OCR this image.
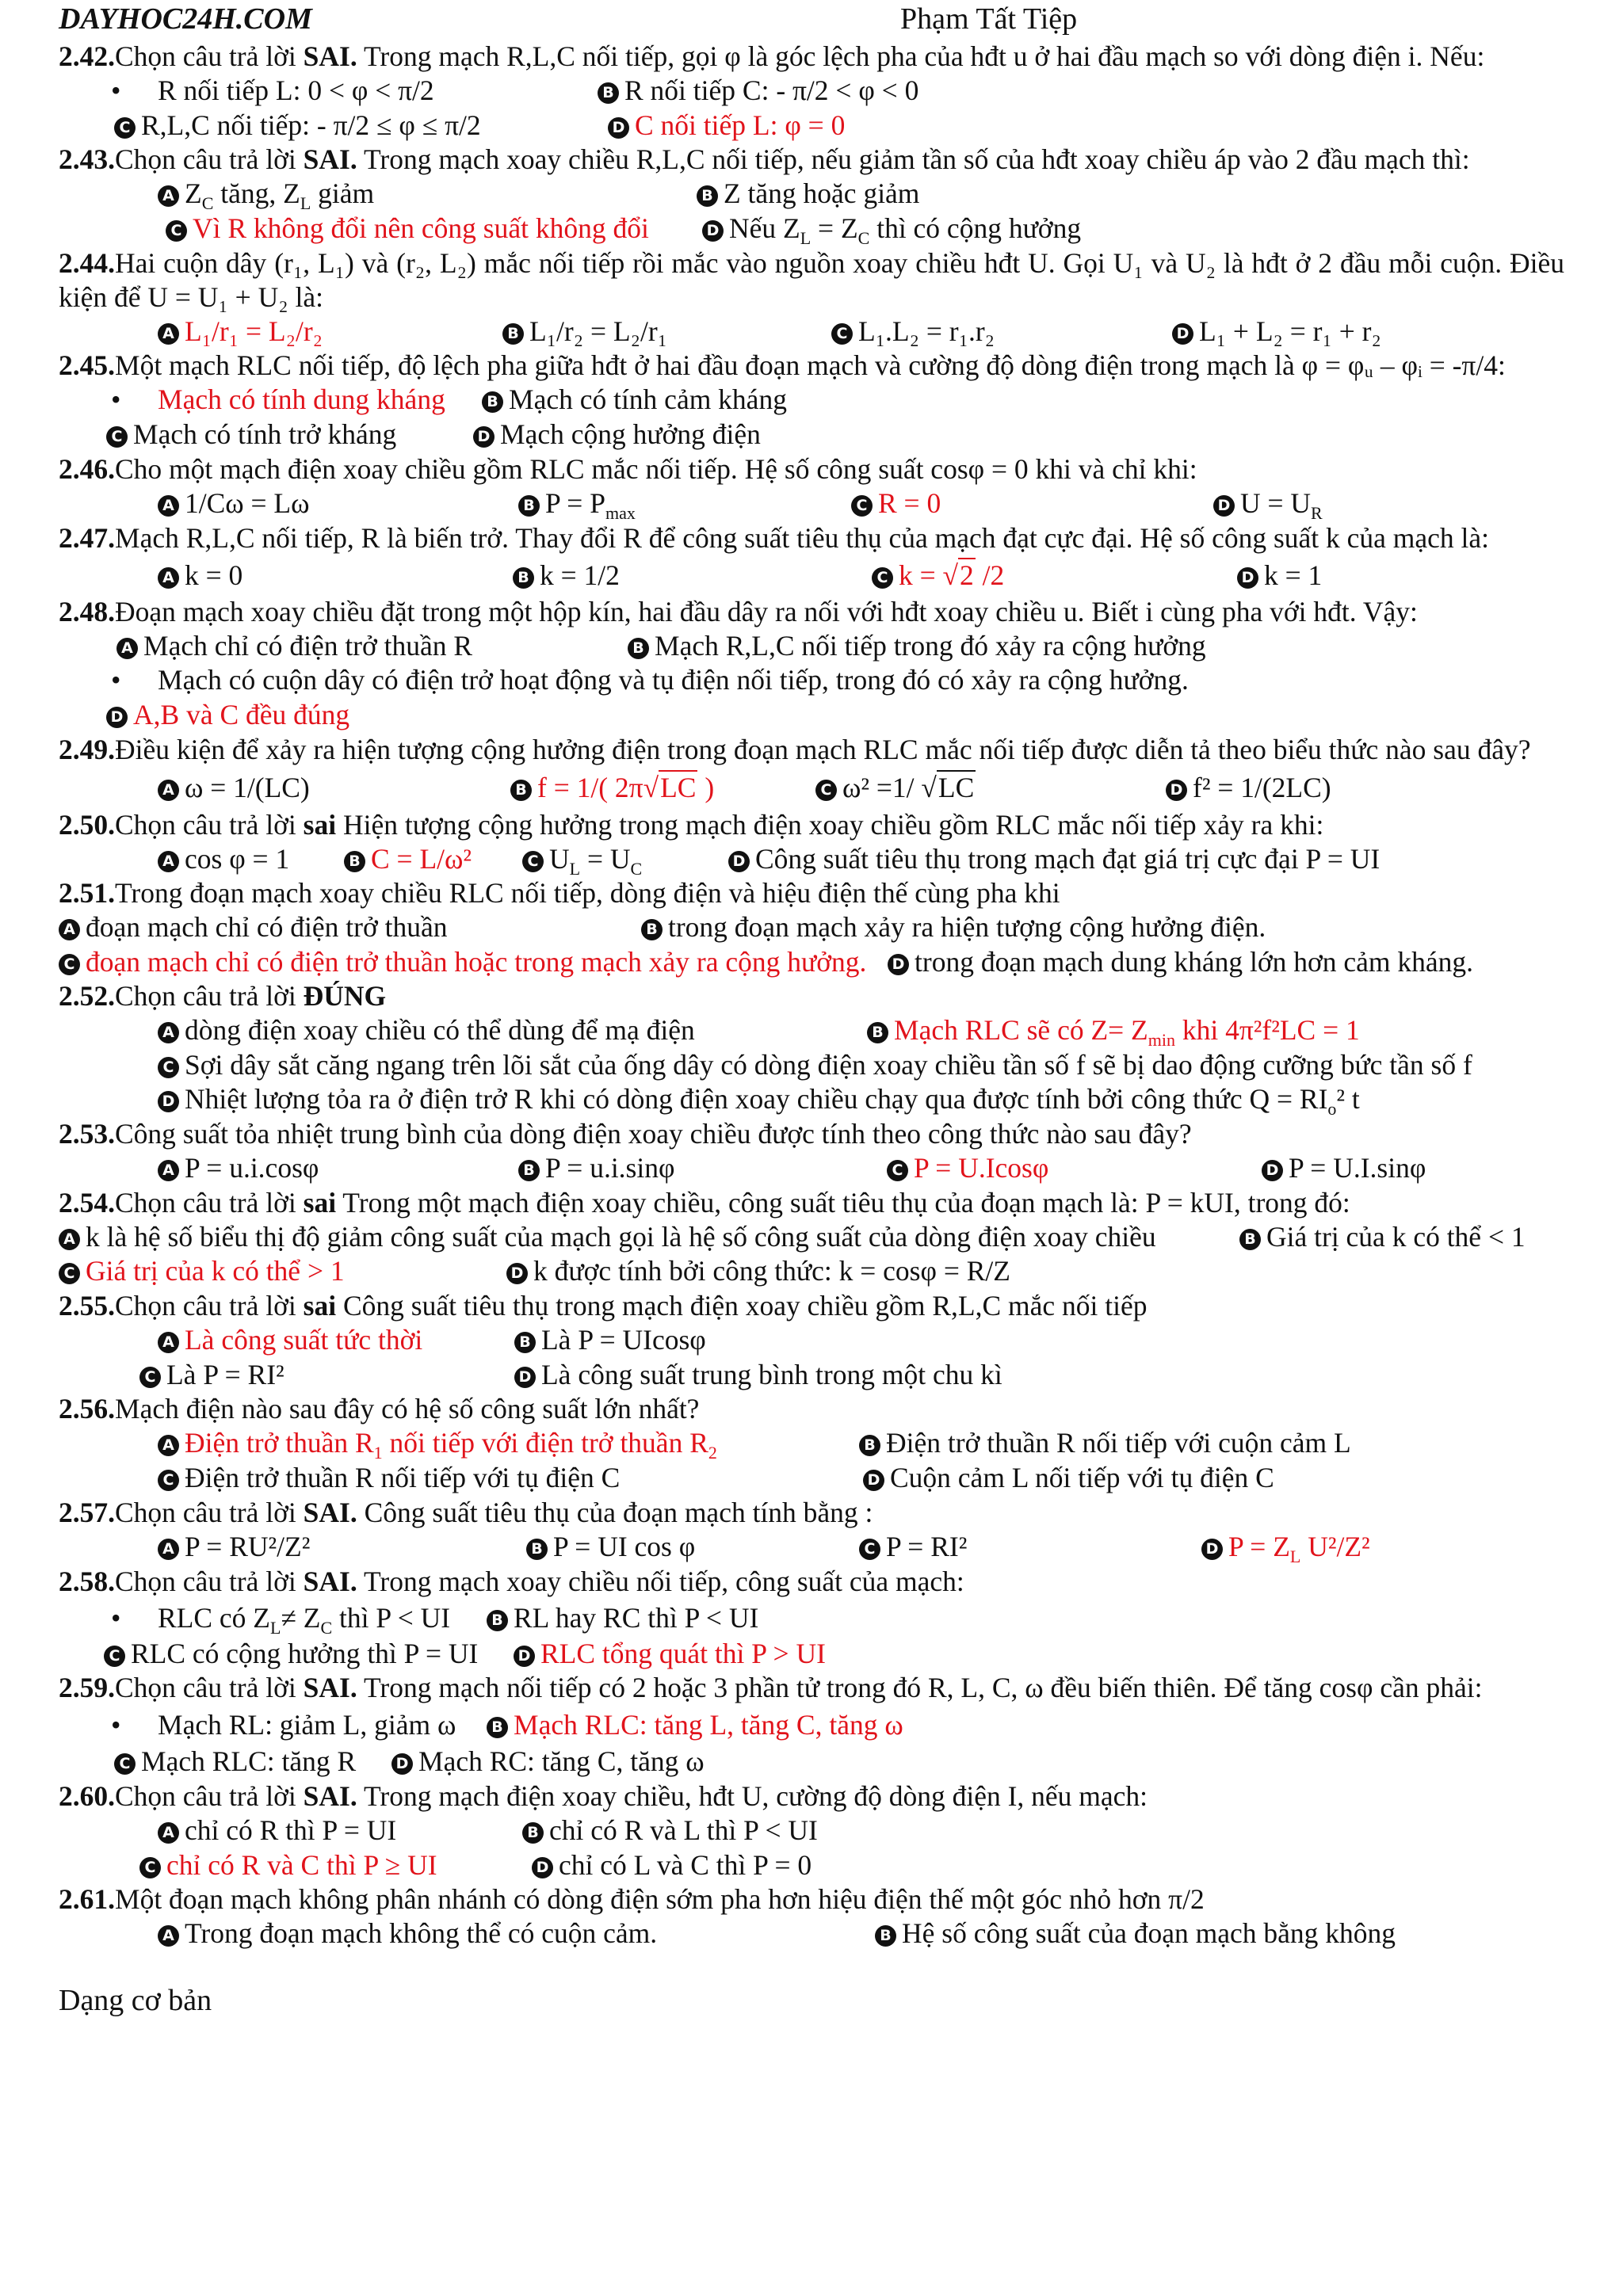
DAYHOC24H.COM	Phạm Tất Tiệp
2.42.Chọn câu trả lời SAI. Trong mạch R,L,C nối tiếp, gọi φ là góc lệch pha của hđt u ở hai đầu mạch so với dòng điện i. Nếu:
• R nối tiếp L: 0 < φ < π/2	B R nối tiếp C: - π/2 < φ < 0
C R,L,C nối tiếp: - π/2 ≤ φ ≤ π/2	D C nối tiếp L: φ = 0
2.43.Chọn câu trả lời SAI. Trong mạch xoay chiều R,L,C nối tiếp, nếu giảm tần số của hđt xoay chiều áp vào 2 đầu mạch thì:
A $Z_C$ tăng, $Z_L$ giảm	B Z tăng hoặc giảm
C Vì R không đổi nên công suất không đổi	D Nếu $Z_L = Z_C$ thì có cộng hưởng
2.44.Hai cuộn dây (r₁, L₁) và (r₂, L₂) mắc nối tiếp rồi mắc vào nguồn xoay chiều hđt U. Gọi U₁ và U₂ là hđt ở 2 đầu mỗi cuộn. Điều kiện để U = U₁ + U₂ là:
A L₁/r₁ = L₂/r₂	B L₁/r₂ = L₂/r₁	C L₁.L₂ = r₁.r₂	D L₁ + L₂ = r₁ + r₂
2.45.Một mạch RLC nối tiếp, độ lệch pha giữa hđt ở hai đầu đoạn mạch và cường độ dòng điện trong mạch là φ = φᵤ – φᵢ = -π/4:
• Mạch có tính dung kháng	B Mạch có tính cảm kháng
C Mạch có tính trở kháng	D Mạch cộng hưởng điện
2.46.Cho một mạch điện xoay chiều gồm RLC mắc nối tiếp. Hệ số công suất cosφ = 0 khi và chỉ khi:
A 1/Cω = Lω	B $P = P_{max}$	C R = 0	D $U = U_R$
2.47.Mạch R,L,C nối tiếp, R là biến trở. Thay đổi R để công suất tiêu thụ của mạch đạt cực đại. Hệ số công suất k của mạch là:
A k = 0	B k = 1/2	C k = √2 /2	D k = 1
2.48.Đoạn mạch xoay chiều đặt trong một hộp kín, hai đầu dây ra nối với hđt xoay chiều u. Biết i cùng pha với hđt. Vậy:
A Mạch chỉ có điện trở thuần R	B Mạch R,L,C nối tiếp trong đó xảy ra cộng hưởng
• Mạch có cuộn dây có điện trở hoạt động và tụ điện nối tiếp, trong đó có xảy ra cộng hưởng.
D A,B và C đều đúng
2.49.Điều kiện để xảy ra hiện tượng cộng hưởng điện trong đoạn mạch RLC mắc nối tiếp được diễn tả theo biểu thức nào sau đây?
A ω = 1/(LC)	B f = 1/( 2π√LC )	C ω² =1/ √LC	D f² = 1/(2LC)
2.50.Chọn câu trả lời sai Hiện tượng cộng hưởng trong mạch điện xoay chiều gồm RLC mắc nối tiếp xảy ra khi:
A cos φ = 1	B C = L/ω²	C $U_L = U_C$	D Công suất tiêu thụ trong mạch đạt giá trị cực đại P = UI
2.51.Trong đoạn mạch xoay chiều RLC nối tiếp, dòng điện và hiệu điện thế cùng pha khi
A đoạn mạch chỉ có điện trở thuần	B trong đoạn mạch xảy ra hiện tượng cộng hưởng điện.
C đoạn mạch chỉ có điện trở thuần hoặc trong mạch xảy ra cộng hưởng. D trong đoạn mạch dung kháng lớn hơn cảm kháng.
2.52.Chọn câu trả lời ĐÚNG
A dòng điện xoay chiều có thể dùng để mạ điện	B Mạch RLC sẽ có $Z= Z_{min}$ khi 4π²f²LC = 1
C Sợi dây sắt căng ngang trên lõi sắt của ống dây có dòng điện xoay chiều tần số f sẽ bị dao động cưỡng bức tần số f
D Nhiệt lượng tỏa ra ở điện trở R khi có dòng điện xoay chiều chạy qua được tính bởi công thức $Q = RI_o^2$ t
2.53.Công suất tỏa nhiệt trung bình của dòng điện xoay chiều được tính theo công thức nào sau đây?
A P = u.i.cosφ	B P = u.i.sinφ	C P = U.Icosφ	D P = U.I.sinφ
2.54.Chọn câu trả lời sai Trong một mạch điện xoay chiều, công suất tiêu thụ của đoạn mạch là: P = kUI, trong đó:
A k là hệ số biểu thị độ giảm công suất của mạch gọi là hệ số công suất của dòng điện xoay chiều	B Giá trị của k có thể < 1
C Giá trị của k có thể > 1	D k được tính bởi công thức: k = cosφ = R/Z
2.55.Chọn câu trả lời sai Công suất tiêu thụ trong mạch điện xoay chiều gồm R,L,C mắc nối tiếp
A Là công suất tức thời	B Là P = UIcosφ
C Là P = RI²	D Là công suất trung bình trong một chu kì
2.56.Mạch điện nào sau đây có hệ số công suất lớn nhất?
A Điện trở thuần $R_1$ nối tiếp với điện trở thuần $R_2$	B Điện trở thuần R nối tiếp với cuộn cảm L
C Điện trở thuần R nối tiếp với tụ điện C	D Cuộn cảm L nối tiếp với tụ điện C
2.57.Chọn câu trả lời SAI. Công suất tiêu thụ của đoạn mạch tính bằng :
A P = RU²/Z²	B P = UI cos φ	C P = RI²	D $P = Z_L$ U²/Z²
2.58.Chọn câu trả lời SAI. Trong mạch xoay chiều nối tiếp, công suất của mạch:
• RLC có $Z_L\ne Z_C$ thì P < UI	B RL hay RC thì P < UI
C RLC có cộng hưởng thì P = UI	D RLC tổng quát thì P > UI
2.59.Chọn câu trả lời SAI. Trong mạch nối tiếp có 2 hoặc 3 phần tử trong đó R, L, C, ω đều biến thiên. Để tăng cosφ cần phải:
• Mạch RL: giảm L, giảm ω	B Mạch RLC: tăng L, tăng C, tăng ω
C Mạch RLC: tăng R	D Mạch RC: tăng C, tăng ω
2.60.Chọn câu trả lời SAI. Trong mạch điện xoay chiều, hđt U, cường độ dòng điện I, nếu mạch:
A chỉ có R thì P = UI	B chỉ có R và L thì P < UI
C chỉ có R và C thì P ≥ UI	D chỉ có L và C thì P = 0
2.61.Một đoạn mạch không phân nhánh có dòng điện sớm pha hơn hiệu điện thế một góc nhỏ hơn π/2
A Trong đoạn mạch không thể có cuộn cảm.	B Hệ số công suất của đoạn mạch bằng không
Dạng cơ bản
